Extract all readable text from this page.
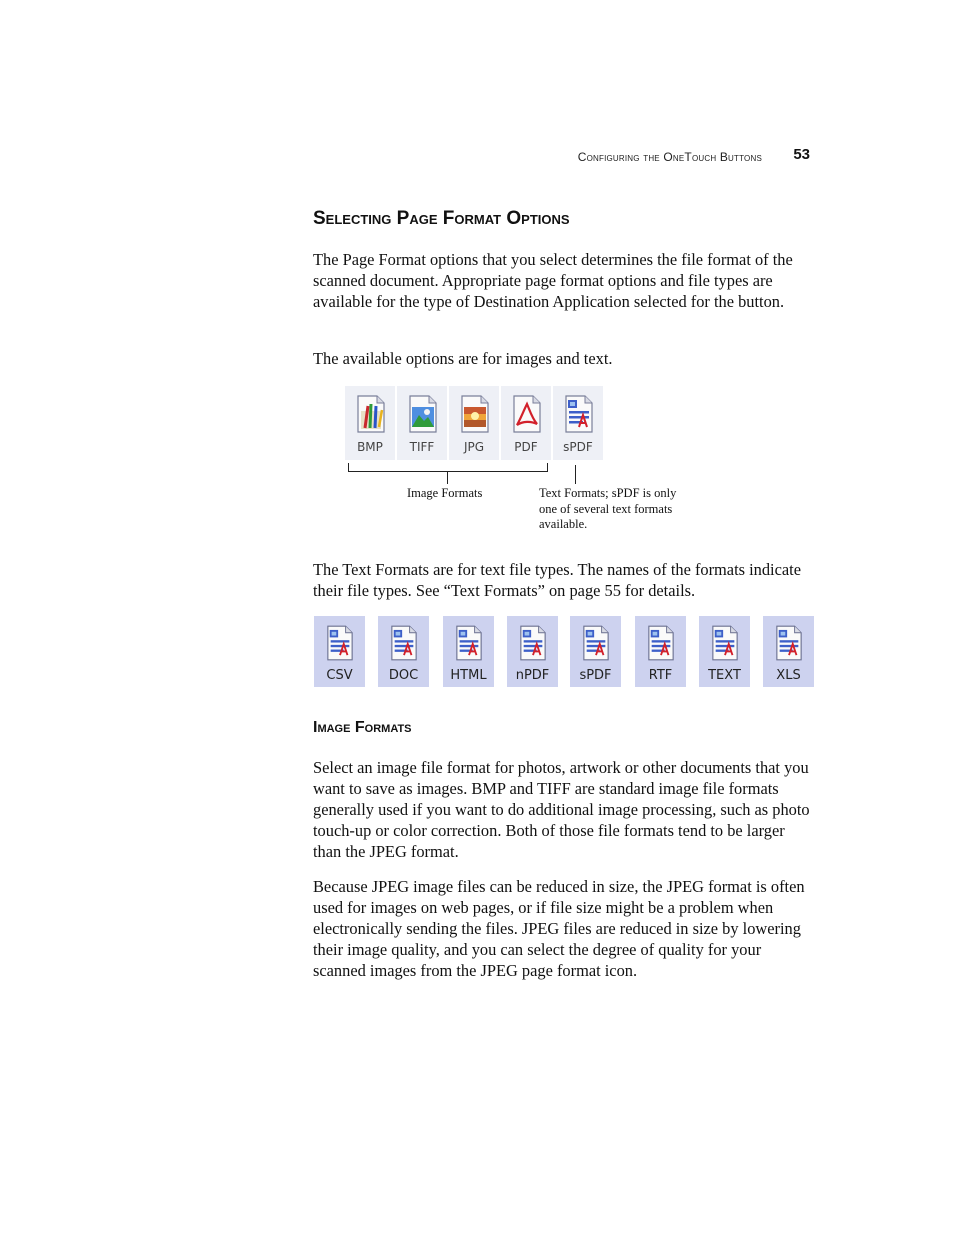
Configuring the OneTouch Buttons 53
Selecting Page Format Options

The Page Format options that you select determines the file format of the scanned document. Appropriate page format options and file types are available for the type of Destination Application selected for the button.

The available options are for images and text.

BMP	TIFF	JPG	PDF	sPDF
Image Formats	Text Formats; sPDF is only one of several text formats available.

The Text Formats are for text file types. The names of the formats indicate their file types. See “Text Formats” on page 55 for details.

CSV	DOC	HTML	nPDF	sPDF	RTF	TEXT	XLS
Image Formats

Select an image file format for photos, artwork or other documents that you want to save as images. BMP and TIFF are standard image file formats generally used if you want to do additional image processing, such as photo touch-up or color correction. Both of those file formats tend to be larger than the JPEG format.

Because JPEG image files can be reduced in size, the JPEG format is often used for images on web pages, or if file size might be a problem when electronically sending the files. JPEG files are reduced in size by lowering their image quality, and you can select the degree of quality for your scanned images from the JPEG page format icon.
